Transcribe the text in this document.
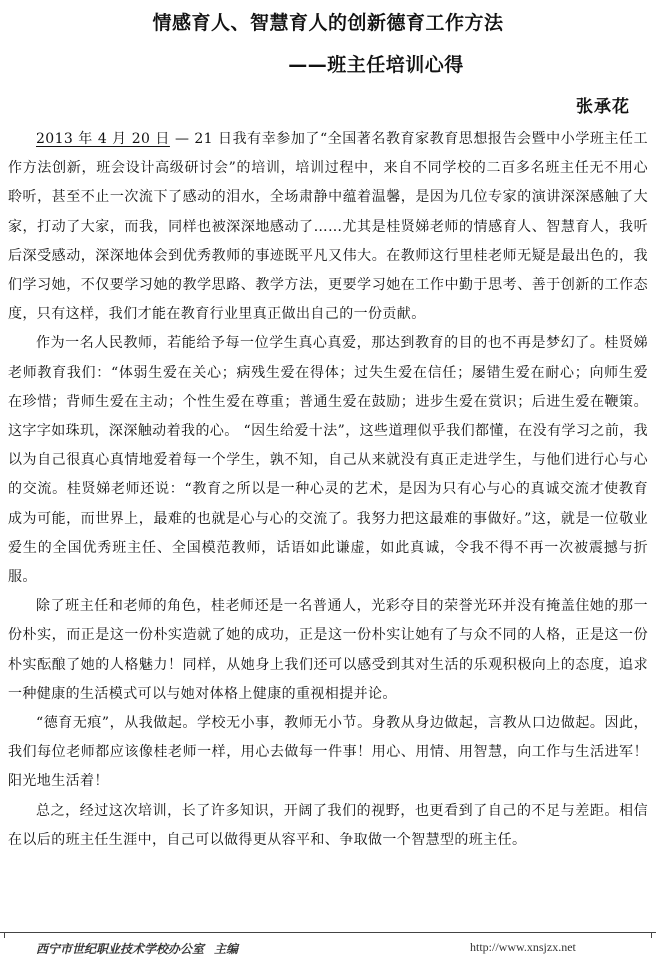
情感育人、智慧育人的创新德育工作方法
——班主任培训心得
张承花

2013 年 4 月 20 日 — 21 日我有幸参加了“全国著名教育家教育思想报告会暨中小学班主任工作方法创新，班会设计高级研讨会”的培训，培训过程中，来自不同学校的二百多名班主任无不用心聆听，甚至不止一次流下了感动的泪水，全场肃静中蕴着温馨，是因为几位专家的演讲深深感触了大家，打动了大家，而我，同样也被深深地感动了……尤其是桂贤娣老师的情感育人、智慧育人，我听后深受感动，深深地体会到优秀教师的事迹既平凡又伟大。在教师这行里桂老师无疑是最出色的，我们学习她，不仅要学习她的教学思路、教学方法，更要学习她在工作中勤于思考、善于创新的工作态度，只有这样，我们才能在教育行业里真正做出自己的一份贡献。

作为一名人民教师，若能给予每一位学生真心真爱，那达到教育的目的也不再是梦幻了。桂贤娣老师教育我们：“体弱生爱在关心；病残生爱在得体；过失生爱在信任；屡错生爱在耐心；向师生爱在珍惜；背师生爱在主动；个性生爱在尊重；普通生爱在鼓励；进步生爱在赏识；后进生爱在鞭策。这字字如珠玑，深深触动着我的心。 “因生给爱十法”，这些道理似乎我们都懂，在没有学习之前，我以为自己很真心真情地爱着每一个学生，孰不知，自己从来就没有真正走进学生，与他们进行心与心的交流。桂贤娣老师还说：“教育之所以是一种心灵的艺术，是因为只有心与心的真诚交流才使教育成为可能，而世界上，最难的也就是心与心的交流了。我努力把这最难的事做好。”这，就是一位敬业爱生的全国优秀班主任、全国模范教师，话语如此谦虚，如此真诚，令我不得不再一次被震撼与折服。

除了班主任和老师的角色，桂老师还是一名普通人，光彩夺目的荣誉光环并没有掩盖住她的那一份朴实，而正是这一份朴实造就了她的成功，正是这一份朴实让她有了与众不同的人格，正是这一份朴实酝酿了她的人格魅力！同样，从她身上我们还可以感受到其对生活的乐观积极向上的态度，追求一种健康的生活模式可以与她对体格上健康的重视相提并论。

“德育无痕”，从我做起。学校无小事，教师无小节。身教从身边做起，言教从口边做起。因此，我们每位老师都应该像桂老师一样，用心去做每一件事！用心、用情、用智慧，向工作与生活进军！阳光地生活着！

总之，经过这次培训，长了许多知识，开阔了我们的视野，也更看到了自己的不足与差距。相信在以后的班主任生涯中，自己可以做得更从容平和、争取做一个智慧型的班主任。

西宁市世纪职业技术学校办公室 主编	http://www.xnsjzx.net
